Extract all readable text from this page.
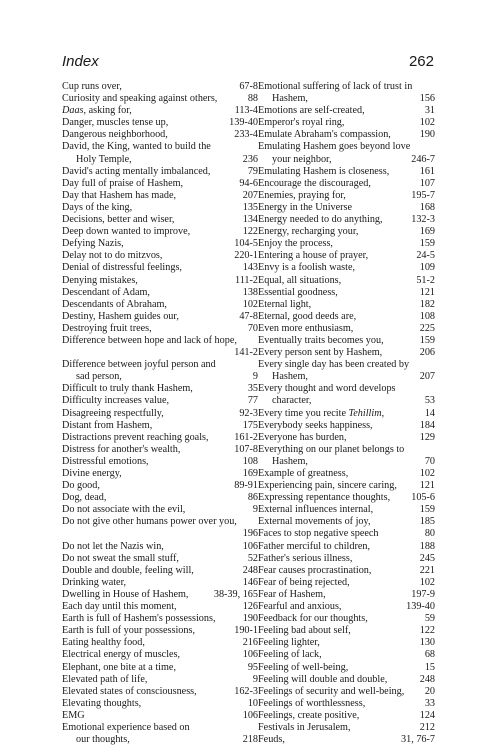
Index	262
Cup runs over,	67-8
Curiosity and speaking against others,	88
Daas, asking for,	113-4
Danger, muscles tense up,	139-40
Dangerous neighborhood,	233-4
David, the King, wanted to build the
Holy Temple,	236
David's acting mentally imbalanced,	79
Day full of praise of Hashem,	94-6
Day that Hashem has made,	207
Days of the king,	135
Decisions, better and wiser,	134
Deep down wanted to improve,	122
Defying Nazis,	104-5
Delay not to do mitzvos,	220-1
Denial of distressful feelings,	143
Denying mistakes,	111-2
Descendant of Adam,	138
Descendants of Abraham,	102
Destiny, Hashem guides our,	47-8
Destroying fruit trees,	70
Difference between hope and lack of hope,
141-2
Difference between joyful person and
sad person,	9
Difficult to truly thank Hashem,	35
Difficulty increases value,	77
Disagreeing respectfully,	92-3
Distant from Hashem,	175
Distractions prevent reaching goals,	161-2
Distress for another's wealth,	107-8
Distressful emotions,	108
Divine energy,	169
Do good,	89-91
Dog, dead,	86
Do not associate with the evil,	9
Do not give other humans power over you,
196
Do not let the Nazis win,	106
Do not sweat the small stuff,	52
Double and double, feeling will,	248
Drinking water,	146
Dwelling in House of Hashem,	38-39, 165
Each day until this moment,	126
Earth is full of Hashem's possessions,	190
Earth is full of your possessions,	190-1
Eating healthy food,	216
Electrical energy of muscles,	106
Elephant, one bite at a time,	95
Elevated path of life,	9
Elevated states of consciousness,	162-3
Elevating thoughts,	10
EMG	106
Emotional experience based on
our thoughts,	218
Emotional suffering of lack of trust in
Hashem,	156
Emotions are self-created,	31
Emperor's royal ring,	102
Emulate Abraham's compassion,	190
Emulating Hashem goes beyond love
your neighbor,	246-7
Emulating Hashem is closeness,	161
Encourage the discouraged,	107
Enemies, praying for,	195-7
Energy in the Universe	168
Energy needed to do anything,	132-3
Energy, recharging your,	169
Enjoy the process,	159
Entering a house of prayer,	24-5
Envy is a foolish waste,	109
Equal, all situations,	51-2
Essential goodness,	121
Eternal light,	182
Eternal, good deeds are,	108
Even more enthusiasm,	225
Eventually traits becomes you,	159
Every person sent by Hashem,	206
Every single day has been created by
Hashem,	207
Every thought and word develops
character,	53
Every time you recite Tehillim,	14
Everybody seeks happiness,	184
Everyone has burden,	129
Everything on our planet belongs to
Hashem,	70
Example of greatness,	102
Experiencing pain, sincere caring,	121
Expressing repentance thoughts,	105-6
External influences internal,	159
External movements of joy,	185
Faces to stop negative speech	80
Father merciful to children,	188
Father's serious illness,	245
Fear causes procrastination,	221
Fear of being rejected,	102
Fear of Hashem,	197-9
Fearful and anxious,	139-40
Feedback for our thoughts,	59
Feeling bad about self,	122
Feeling lighter,	130
Feeling of lack,	68
Feeling of well-being,	15
Feeling will double and double,	248
Feelings of security and well-being,	20
Feelings of worthlessness,	33
Feelings, create positive,	124
Festivals in Jerusalem,	212
Feuds,	31, 76-7
